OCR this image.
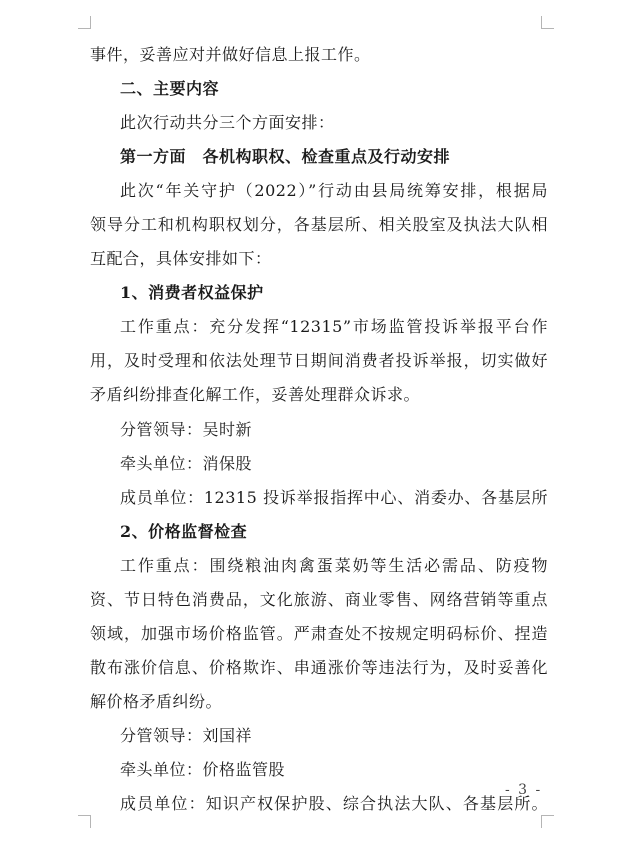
事件，妥善应对并做好信息上报工作。
二、主要内容
此次行动共分三个方面安排：
第一方面　各机构职权、检查重点及行动安排
此次“年关守护（2022）”行动由县局统筹安排，根据局
领导分工和机构职权划分，各基层所、相关股室及执法大队相
互配合，具体安排如下：
1、消费者权益保护
工作重点：充分发挥“12315”市场监管投诉举报平台作
用，及时受理和依法处理节日期间消费者投诉举报，切实做好
矛盾纠纷排查化解工作，妥善处理群众诉求。
分管领导：吴时新
牵头单位：消保股
成员单位：12315 投诉举报指挥中心、消委办、各基层所
2、价格监督检查
工作重点：围绕粮油肉禽蛋菜奶等生活必需品、防疫物
资、节日特色消费品，文化旅游、商业零售、网络营销等重点
领域，加强市场价格监管。严肃查处不按规定明码标价、捏造
散布涨价信息、价格欺诈、串通涨价等违法行为，及时妥善化
解价格矛盾纠纷。
分管领导：刘国祥
牵头单位：价格监管股
成员单位：知识产权保护股、综合执法大队、各基层所。
- 3 -
